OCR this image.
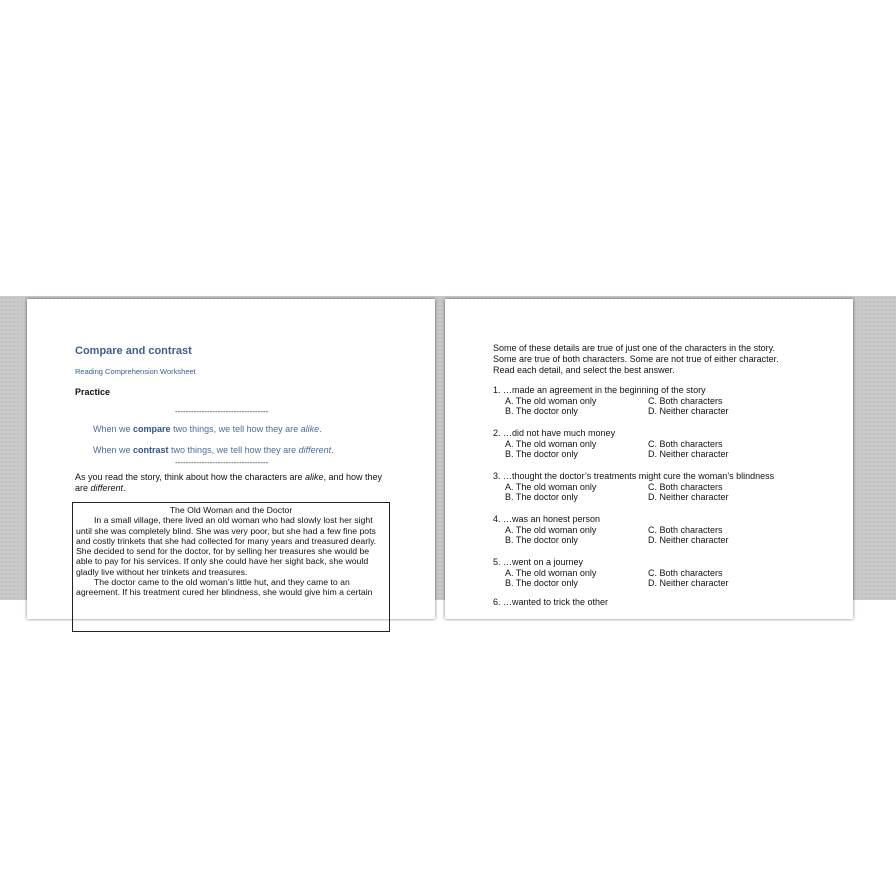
Compare and contrast
Reading Comprehension Worksheet
Practice
-----------------------------------
When we compare two things, we tell how they are alike.
When we contrast two things, we tell how they are different.
-----------------------------------
As you read the story, think about how the characters are alike, and how they are different.
The Old Woman and the Doctor

In a small village, there lived an old woman who had slowly lost her sight until she was completely blind. She was very poor, but she had a few fine pots and costly trinkets that she had collected for many years and treasured dearly. She decided to send for the doctor, for by selling her treasures she would be able to pay for his services. If only she could have her sight back, she would gladly live without her trinkets and treasures.

The doctor came to the old woman’s little hut, and they came to an agreement. If his treatment cured her blindness, she would give him a certain

Some of these details are true of just one of the characters in the story.
Some are true of both characters. Some are not true of either character.
Read each detail, and select the best answer.
1. …made an agreement in the beginning of the story
A. The old woman only
B. The doctor only
C. Both characters
D. Neither character
2. …did not have much money
A. The old woman only
B. The doctor only
C. Both characters
D. Neither character
3. …thought the doctor’s treatments might cure the woman’s blindness
A. The old woman only
B. The doctor only
C. Both characters
D. Neither character
4. …was an honest person
A. The old woman only
B. The doctor only
C. Both characters
D. Neither character
5. …went on a journey
A. The old woman only
B. The doctor only
C. Both characters
D. Neither character
6. …wanted to trick the other
